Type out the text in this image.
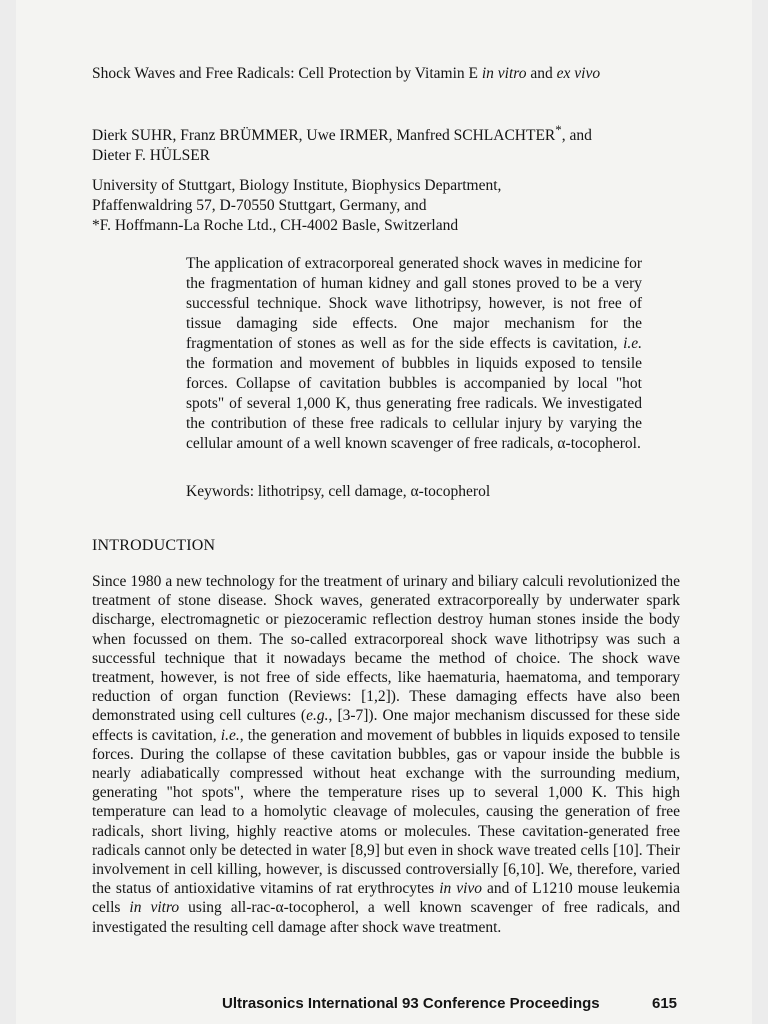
Shock Waves and Free Radicals: Cell Protection by Vitamin E in vitro and ex vivo
Dierk SUHR, Franz BRÜMMER, Uwe IRMER, Manfred SCHLACHTER*, and
Dieter F. HÜLSER
University of Stuttgart, Biology Institute, Biophysics Department,
Pfaffenwaldring 57, D-70550 Stuttgart, Germany, and
*F. Hoffmann-La Roche Ltd., CH-4002 Basle, Switzerland
The application of extracorporeal generated shock waves in medicine for the fragmentation of human kidney and gall stones proved to be a very successful technique. Shock wave lithotripsy, however, is not free of tissue damaging side effects. One major mechanism for the fragmentation of stones as well as for the side effects is cavitation, i.e. the formation and movement of bubbles in liquids exposed to tensile forces. Collapse of cavitation bubbles is accompanied by local "hot spots" of several 1,000 K, thus generating free radicals. We investigated the contribution of these free radicals to cellular injury by varying the cellular amount of a well known scavenger of free radicals, α-tocopherol.
Keywords: lithotripsy, cell damage, α-tocopherol
INTRODUCTION
Since 1980 a new technology for the treatment of urinary and biliary calculi revolutionized the treatment of stone disease. Shock waves, generated extracorporeally by underwater spark discharge, electromagnetic or piezoceramic reflection destroy human stones inside the body when focussed on them. The so-called extracorporeal shock wave lithotripsy was such a successful technique that it nowadays became the method of choice. The shock wave treatment, however, is not free of side effects, like haematuria, haematoma, and temporary reduction of organ function (Reviews: [1,2]). These damaging effects have also been demonstrated using cell cultures (e.g., [3-7]). One major mechanism discussed for these side effects is cavitation, i.e., the generation and movement of bubbles in liquids exposed to tensile forces. During the collapse of these cavitation bubbles, gas or vapour inside the bubble is nearly adiabatically compressed without heat exchange with the surrounding medium, generating "hot spots", where the temperature rises up to several 1,000 K. This high temperature can lead to a homolytic cleavage of molecules, causing the generation of free radicals, short living, highly reactive atoms or molecules. These cavitation-generated free radicals cannot only be detected in water [8,9] but even in shock wave treated cells [10]. Their involvement in cell killing, however, is discussed controversially [6,10]. We, therefore, varied the status of antioxidative vitamins of rat erythrocytes in vivo and of L1210 mouse leukemia cells in vitro using all-rac-α-tocopherol, a well known scavenger of free radicals, and investigated the resulting cell damage after shock wave treatment.
Ultrasonics International 93 Conference Proceedings	615
